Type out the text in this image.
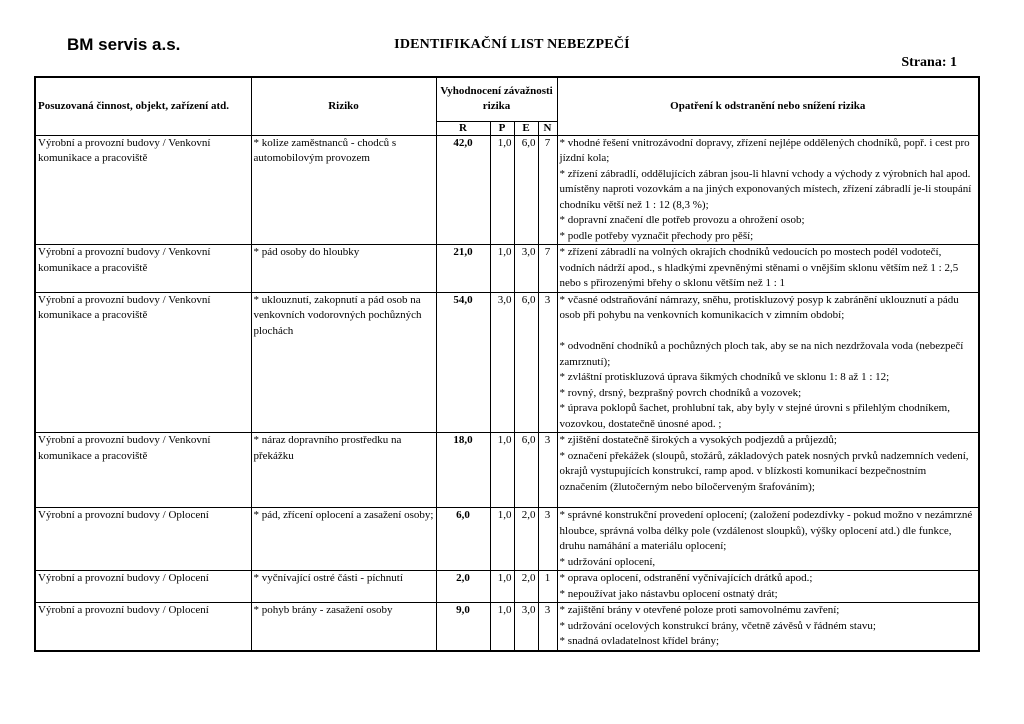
BM servis a.s.	IDENTIFIKAČNÍ LIST NEBEZPEČÍ
Strana: 1
Posuzovaná činnost, objekt, zařízení atd.	Riziko	Vyhodnocení závažnosti rizika				Opatření k odstranění nebo snížení rizika
		R	P	E	N	
Výrobní a provozní budovy / Venkovní komunikace a pracoviště	* kolize zaměstnanců - chodců s automobilovým provozem	42,0	1,0	6,0	7	* vhodné řešení vnitrozávodní dopravy, zřízení nejlépe oddělených chodníků, popř. i cest pro jízdní kola;
* zřízení zábradlí, oddělujících zábran jsou-li hlavní vchody a východy z výrobních hal apod. umístěny naproti vozovkám a na jiných exponovaných místech, zřízení zábradlí je-li stoupání chodníku větší než 1 : 12 (8,3 %);
* dopravní značení dle potřeb provozu a ohrožení osob;
* podle potřeby vyznačit přechody pro pěší;

Výrobní a provozní budovy / Venkovní komunikace a pracoviště	* pád osoby do hloubky	21,0	1,0	3,0	7	* zřízení zábradlí na volných okrajích chodníků vedoucích po mostech podél vodotečí, vodních nádrží apod., s hladkými zpevněnými stěnami o vnějším sklonu větším než 1 : 2,5 nebo s přirozenými břehy o sklonu větším než 1 : 1

Výrobní a provozní budovy / Venkovní komunikace a pracoviště	* uklouznutí, zakopnutí a pád osob na venkovních vodorovných pochůzných plochách	54,0	3,0	6,0	3	* včasné odstraňování námrazy, sněhu, protiskluzový posyp k zabránění uklouznutí a pádu osob při pohybu na venkovních komunikacích v zimním období;
* odvodnění chodníků a pochůzných ploch tak, aby se na nich nezdržovala voda (nebezpečí zamrznutí);
* zvláštní protiskluzová úprava šikmých chodníků ve sklonu 1: 8 až 1 : 12;
* rovný, drsný, bezprašný povrch chodníků a vozovek;
* úprava poklopů šachet, prohlubní tak, aby byly v stejné úrovni s přilehlým chodníkem, vozovkou, dostatečně únosné apod. ;

Výrobní a provozní budovy / Venkovní komunikace a pracoviště	* náraz dopravního prostředku na překážku	18,0	1,0	6,0	3	* zjištění dostatečně širokých a vysokých podjezdů a průjezdů;
* označení překážek (sloupů, stožárů, základových patek nosných prvků nadzemních vedení, okrajů vystupujících konstrukcí, ramp apod. v blízkosti komunikací bezpečnostním označením (žlutočerným nebo bíločerveným šrafováním);

Výrobní a provozní budovy / Oplocení	* pád, zřícení oplocení a zasažení osoby;	6,0	1,0	2,0	3	* správné konstrukční provedení oplocení; (založení podezdívky - pokud možno v nezámrzné hloubce, správná volba délky pole (vzdálenost sloupků), výšky oplocení atd.) dle funkce, druhu namáhání a materiálu oplocení;
* udržování oplocení,

Výrobní a provozní budovy / Oplocení	* vyčnívající ostré části - píchnutí	2,0	1,0	2,0	1	* oprava oplocení, odstranění vyčnívajících drátků apod.;
* nepoužívat jako nástavbu oplocení ostnatý drát;

Výrobní a provozní budovy / Oplocení	* pohyb brány - zasažení osoby	9,0	1,0	3,0	3	* zajištění brány v otevřené poloze proti samovolnému zavření;
* udržování ocelových konstrukcí brány, včetně závěsů v řádném stavu;
* snadná ovladatelnost křídel brány;
